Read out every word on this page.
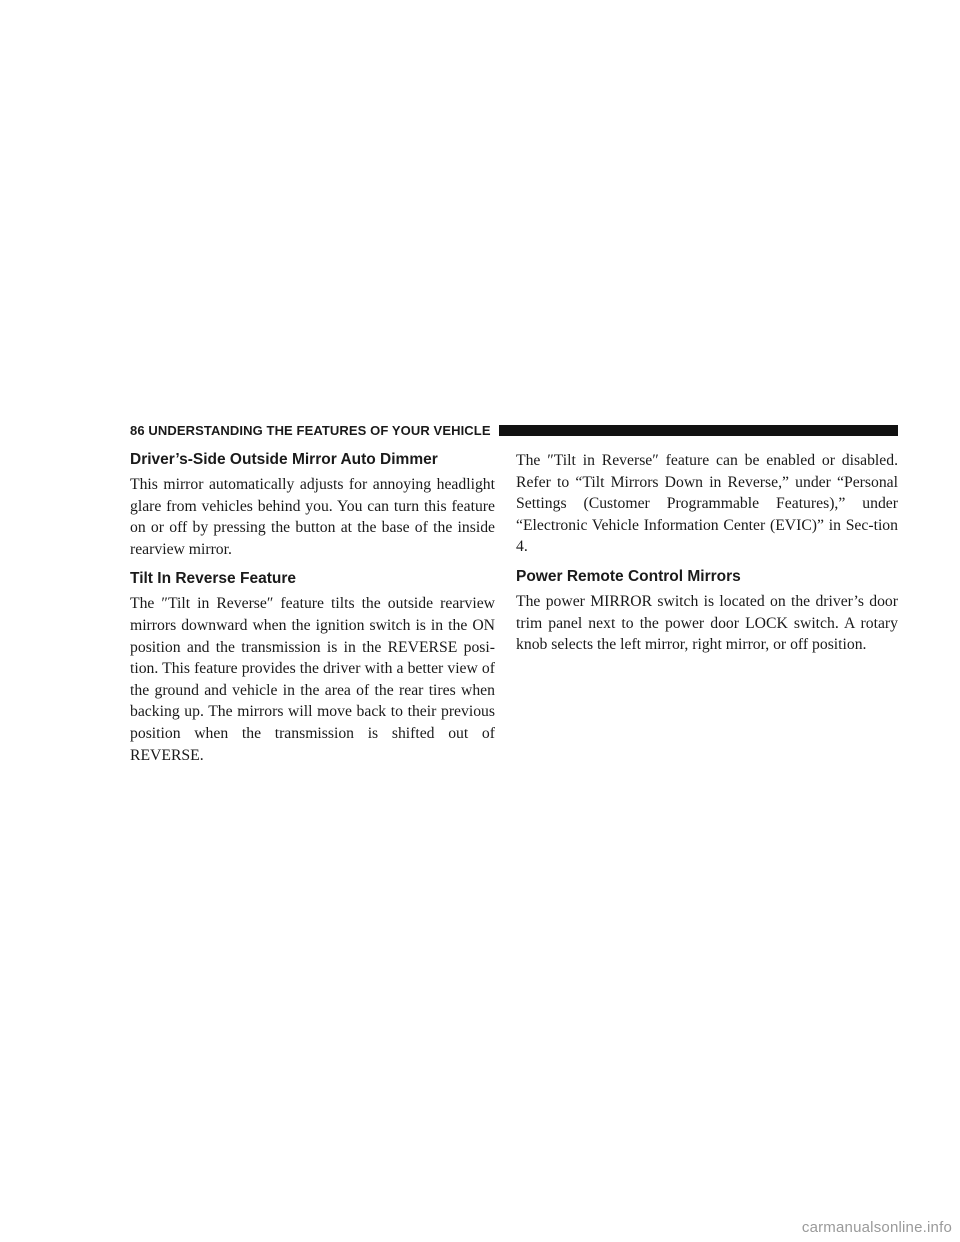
86 UNDERSTANDING THE FEATURES OF YOUR VEHICLE
Driver’s-Side Outside Mirror Auto Dimmer

This mirror automatically adjusts for annoying headlight glare from vehicles behind you. You can turn this feature on or off by pressing the button at the base of the inside rearview mirror.

Tilt In Reverse Feature

The ″Tilt in Reverse″ feature tilts the outside rearview mirrors downward when the ignition switch is in the ON position and the transmission is in the REVERSE posi-tion. This feature provides the driver with a better view of the ground and vehicle in the area of the rear tires when backing up. The mirrors will move back to their previous position when the transmission is shifted out of REVERSE.

The ″Tilt in Reverse″ feature can be enabled or disabled. Refer to “Tilt Mirrors Down in Reverse,” under “Personal Settings (Customer Programmable Features),” under “Electronic Vehicle Information Center (EVIC)” in Sec-tion 4.

Power Remote Control Mirrors

The power MIRROR switch is located on the driver’s door trim panel next to the power door LOCK switch. A rotary knob selects the left mirror, right mirror, or off position.

carmanualsonline.info
